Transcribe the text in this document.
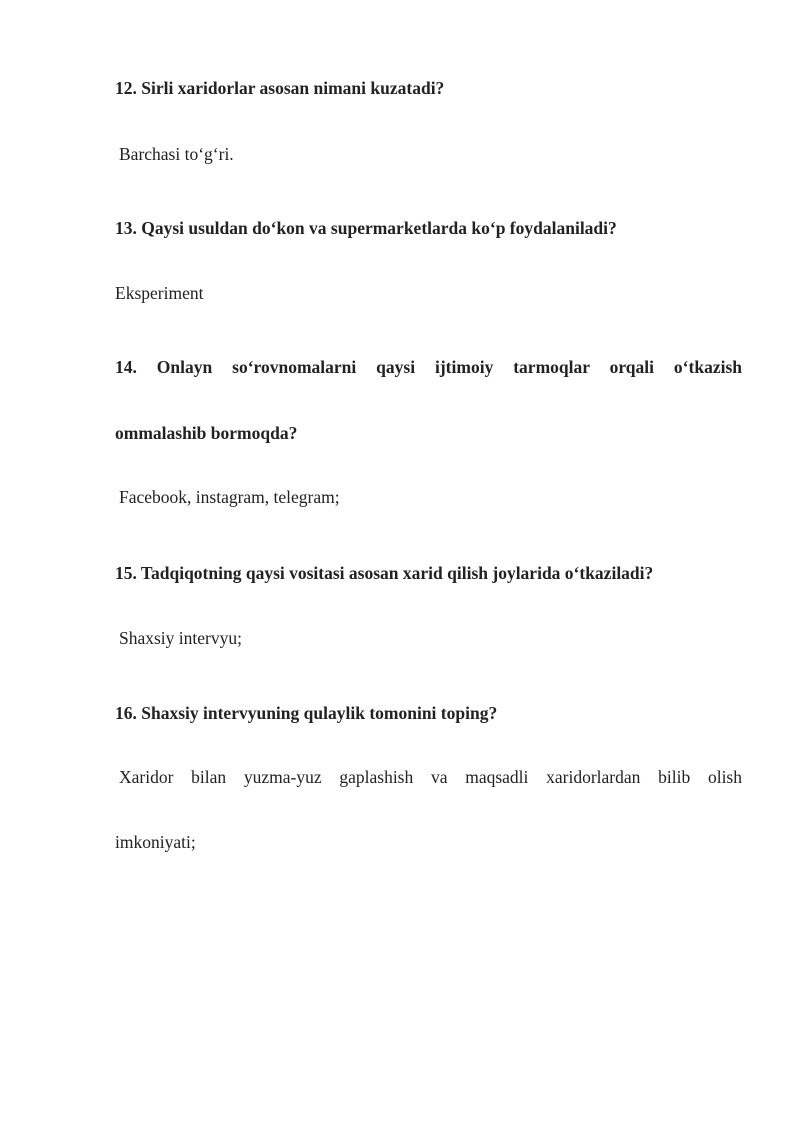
12. Sirli xaridorlar asosan nimani kuzatadi?
Barchasi to‘g‘ri.
13. Qaysi usuldan do‘kon va supermarketlarda ko‘p foydalaniladi?
Eksperiment
14. Onlayn so‘rovnomalarni qaysi ijtimoiy tarmoqlar orqali o‘tkazish
ommalashib bormoqda?
Facebook, instagram, telegram;
15. Tadqiqotning qaysi vositasi asosan xarid qilish joylarida o‘tkaziladi?
Shaxsiy intervyu;
16. Shaxsiy intervyuning qulaylik tomonini toping?
Xaridor bilan yuzma-yuz gaplashish va maqsadli xaridorlardan bilib olish
imkoniyati;
